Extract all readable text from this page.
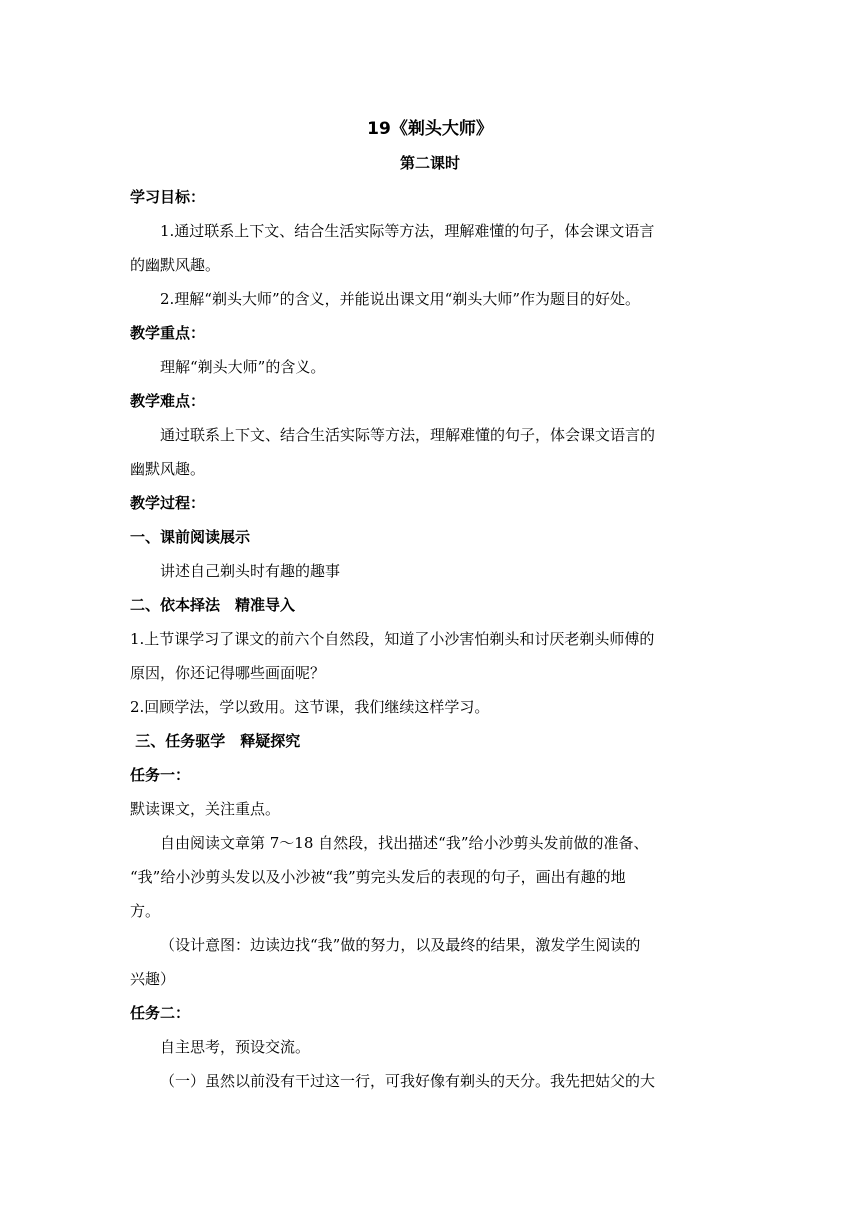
19《剃头大师》
第二课时
学习目标：
1.通过联系上下文、结合生活实际等方法，理解难懂的句子，体会课文语言
的幽默风趣。
2.理解“剃头大师”的含义，并能说出课文用“剃头大师”作为题目的好处。
教学重点：
理解“剃头大师”的含义。
教学难点：
通过联系上下文、结合生活实际等方法，理解难懂的句子，体会课文语言的
幽默风趣。
教学过程：
一、课前阅读展示
讲述自己剃头时有趣的趣事
二、依本择法　精准导入
1.上节课学习了课文的前六个自然段，知道了小沙害怕剃头和讨厌老剃头师傅的
原因，你还记得哪些画面呢？
2.回顾学法，学以致用。这节课，我们继续这样学习。
三、任务驱学　释疑探究
任务一：
默读课文，关注重点。
自由阅读文章第 7～18 自然段，找出描述“我”给小沙剪头发前做的准备、
“我”给小沙剪头发以及小沙被“我”剪完头发后的表现的句子，画出有趣的地
方。
（设计意图：边读边找“我”做的努力，以及最终的结果，激发学生阅读的
兴趣）
任务二：
自主思考，预设交流。
（一）虽然以前没有干过这一行，可我好像有剃头的天分。我先把姑父的大
